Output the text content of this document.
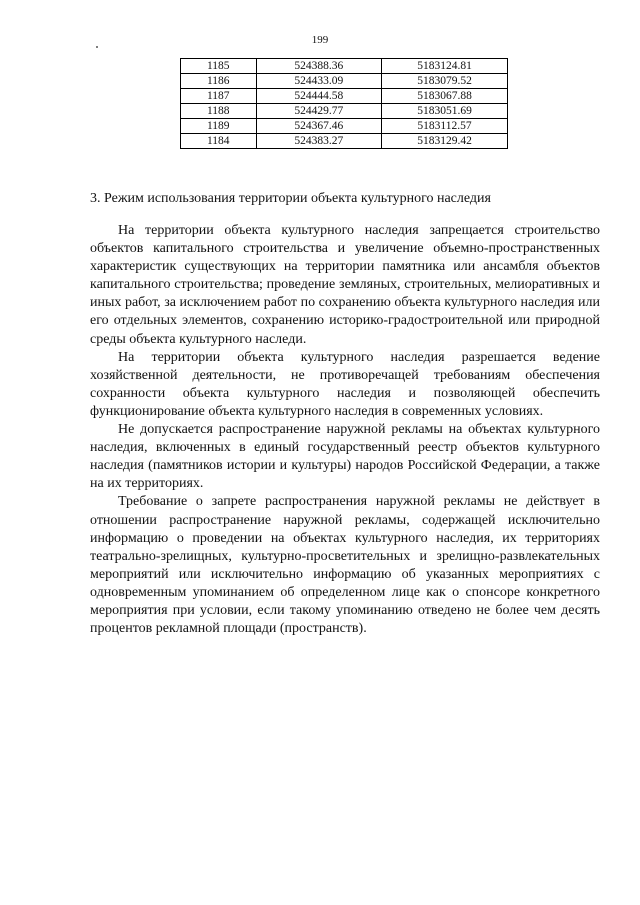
199
1185	524388.36	5183124.81
1186	524433.09	5183079.52
1187	524444.58	5183067.88
1188	524429.77	5183051.69
1189	524367.46	5183112.57
1184	524383.27	5183129.42
3. Режим использования территории объекта культурного наследия

На территории объекта культурного наследия запрещается строительство объектов капитального строительства и увеличение объемно-пространственных характеристик существующих на территории памятника или ансамбля объектов капитального строительства; проведение земляных, строительных, мелиоративных и иных работ, за исключением работ по сохранению объекта культурного наследия или его отдельных элементов, сохранению историко-градостроительной или природной среды объекта культурного наследи.

На территории объекта культурного наследия разрешается ведение хозяйственной деятельности, не противоречащей требованиям обеспечения сохранности объекта культурного наследия и позволяющей обеспечить функционирование объекта культурного наследия в современных условиях.

Не допускается распространение наружной рекламы на объектах культурного наследия, включенных в единый государственный реестр объектов культурного наследия (памятников истории и культуры) народов Российской Федерации, а также на их территориях.

Требование о запрете распространения наружной рекламы не действует в отношении распространение наружной рекламы, содержащей исключительно информацию о проведении на объектах культурного наследия, их территориях театрально-зрелищных, культурно-просветительных и зрелищно-развлекательных мероприятий или исключительно информацию об указанных мероприятиях с одновременным упоминанием об определенном лице как о спонсоре конкретного мероприятия при условии, если такому упоминанию отведено не более чем десять процентов рекламной площади (пространств).
